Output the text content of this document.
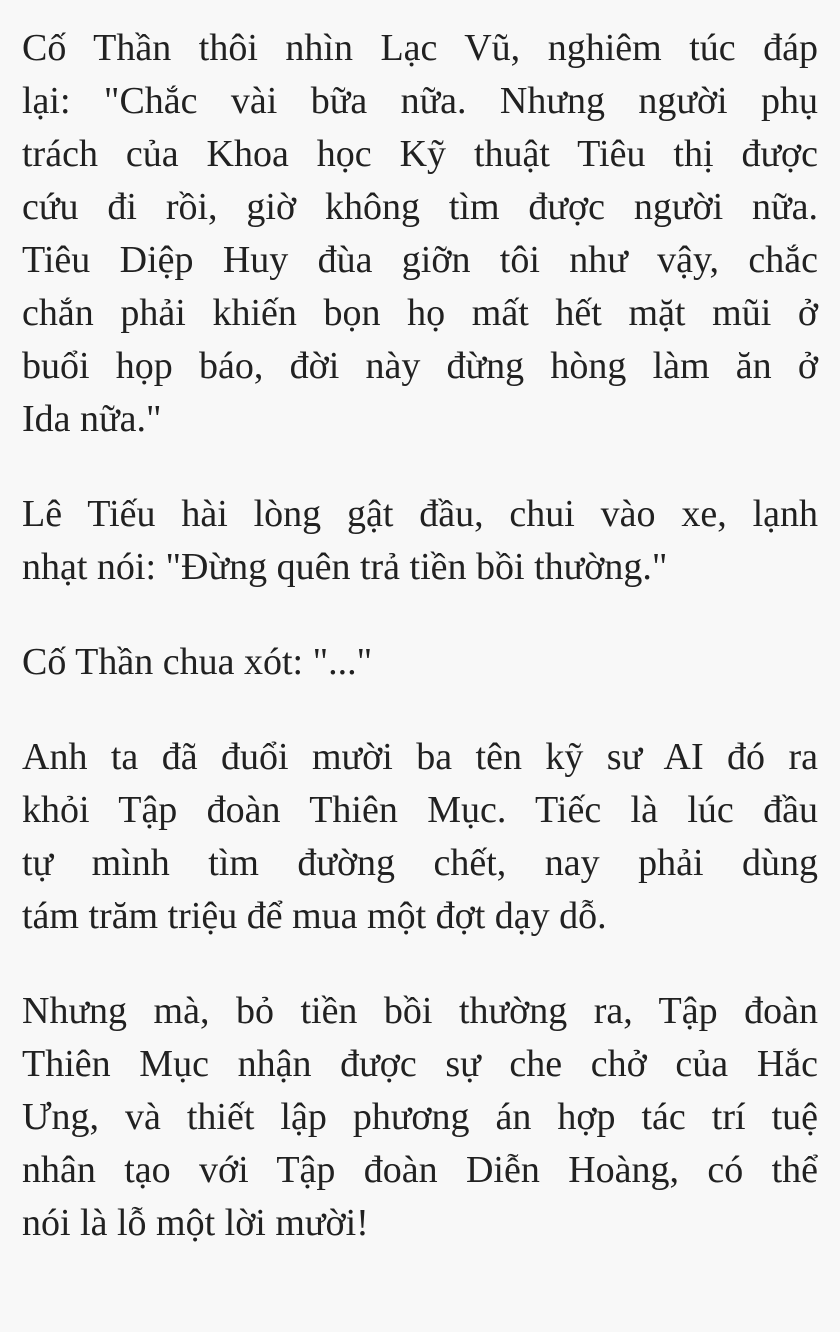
Cố Thần thôi nhìn Lạc Vũ, nghiêm túc đáp
lại: "Chắc vài bữa nữa. Nhưng người phụ
trách của Khoa học Kỹ thuật Tiêu thị được
cứu đi rồi, giờ không tìm được người nữa.
Tiêu Diệp Huy đùa giỡn tôi như vậy, chắc
chắn phải khiến bọn họ mất hết mặt mũi ở
buổi họp báo, đời này đừng hòng làm ăn ở
Ida nữa."
Lê Tiếu hài lòng gật đầu, chui vào xe, lạnh
nhạt nói: "Đừng quên trả tiền bồi thường."
Cố Thần chua xót: "..."
Anh ta đã đuổi mười ba tên kỹ sư AI đó ra
khỏi Tập đoàn Thiên Mục. Tiếc là lúc đầu
tự mình tìm đường chết, nay phải dùng
tám trăm triệu để mua một đợt dạy dỗ.
Nhưng mà, bỏ tiền bồi thường ra, Tập đoàn
Thiên Mục nhận được sự che chở của Hắc
Ưng, và thiết lập phương án hợp tác trí tuệ
nhân tạo với Tập đoàn Diễn Hoàng, có thể
nói là lỗ một lời mười!
